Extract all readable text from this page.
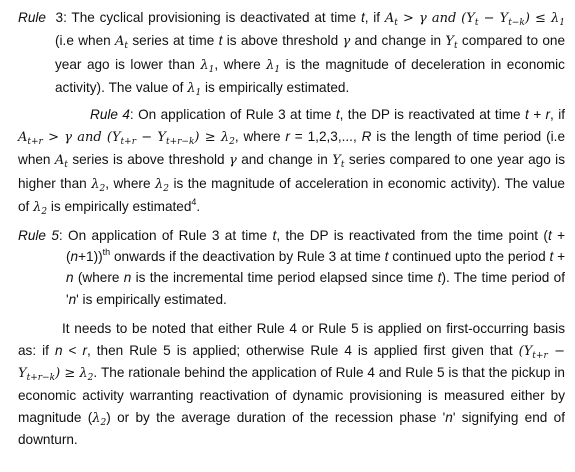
Rule 3: The cyclical provisioning is deactivated at time t, if $A_t > \gamma$ and $(Y_t - Y_{t-k}) \le \lambda_1$ (i.e when $A_t$ series at time t is above threshold γ and change in $Y_t$ compared to one year ago is lower than $\lambda_1$, where $\lambda_1$ is the magnitude of deceleration in economic activity). The value of $\lambda_1$ is empirically estimated.

Rule 4: On application of Rule 3 at time t, the DP is reactivated at time t + r, if $A_{t+r} > \gamma$ and $(Y_{t+r} - Y_{t+r-k}) \ge \lambda_2$, where r = 1,2,3,..., R is the length of time period (i.e when $A_t$ series is above threshold γ and change in $Y_t$ series compared to one year ago is higher than $\lambda_2$, where $\lambda_2$ is the magnitude of acceleration in economic activity). The value of $\lambda_2$ is empirically estimated$^4$.

Rule 5: On application of Rule 3 at time t, the DP is reactivated from the time point $(t + (n+1))^{th}$ onwards if the deactivation by Rule 3 at time t continued upto the period t + n (where n is the incremental time period elapsed since time t). The time period of 'n' is empirically estimated.

It needs to be noted that either Rule 4 or Rule 5 is applied on first-occurring basis as: if n < r, then Rule 5 is applied; otherwise Rule 4 is applied first given that $(Y_{t+r} - Y_{t+r-k}) \ge \lambda_2$. The rationale behind the application of Rule 4 and Rule 5 is that the pickup in economic activity warranting reactivation of dynamic provisioning is measured either by magnitude $(\lambda_2)$ or by the average duration of the recession phase 'n' signifying end of downturn.
